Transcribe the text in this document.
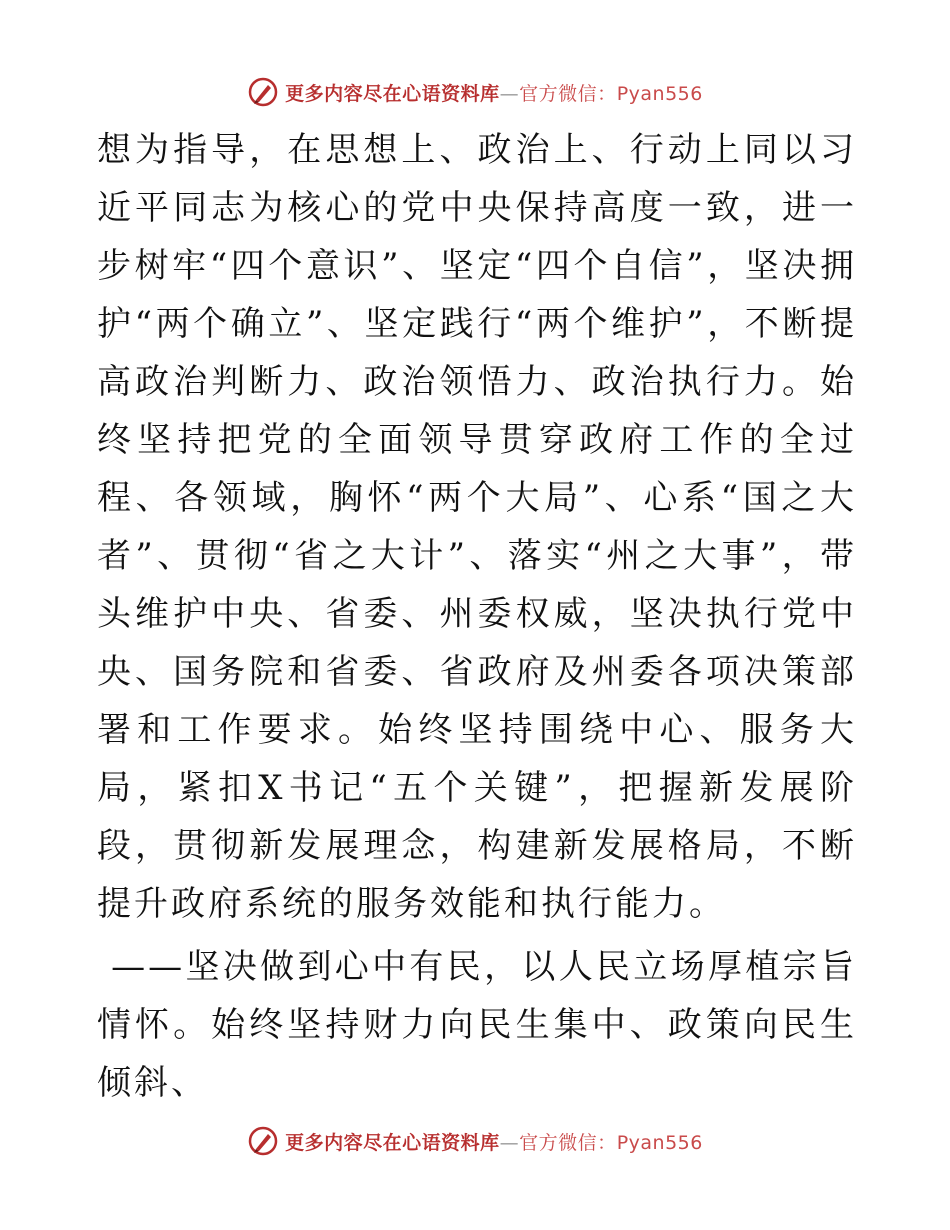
更多内容尽在心语资料库—官方微信：Pyan556

想为指导，在思想上、政治上、行动上同以习近平同志为核心的党中央保持高度一致，进一步树牢“四个意识”、坚定“四个自信”，坚决拥护“两个确立”、坚定践行“两个维护”，不断提高政治判断力、政治领悟力、政治执行力。始终坚持把党的全面领导贯穿政府工作的全过程、各领域，胸怀“两个大局”、心系“国之大者”、贯彻“省之大计”、落实“州之大事”，带头维护中央、省委、州委权威，坚决执行党中央、国务院和省委、省政府及州委各项决策部署和工作要求。始终坚持围绕中心、服务大局，紧扣X书记“五个关键”，把握新发展阶段，贯彻新发展理念，构建新发展格局，不断提升政府系统的服务效能和执行能力。

——坚决做到心中有民，以人民立场厚植宗旨情怀。始终坚持财力向民生集中、政策向民生倾斜、

更多内容尽在心语资料库—官方微信：Pyan556
